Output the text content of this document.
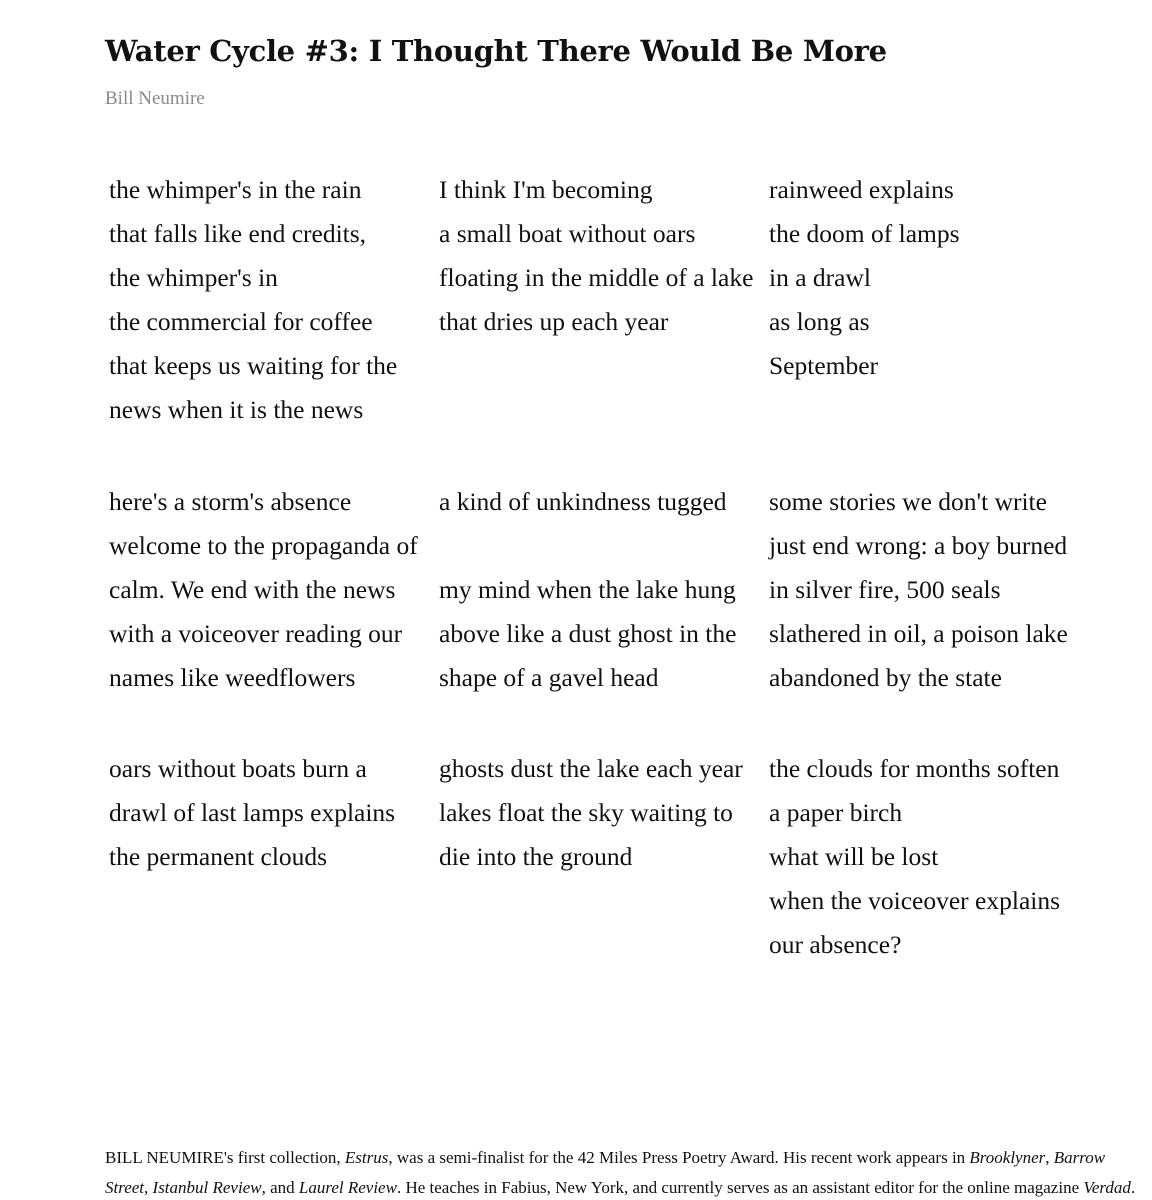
Water Cycle #3: I Thought There Would Be More
Bill Neumire
the whimper's in the rain
that falls like end credits,
the whimper's in
the commercial for coffee
that keeps us waiting for the
news when it is the news
I think I'm becoming
a small boat without oars
floating in the middle of a lake
that dries up each year
rainweed explains
the doom of lamps
in a drawl
as long as
September
here's a storm's absence
welcome to the propaganda of
calm. We end with the news
with a voiceover reading our
names like weedflowers
a kind of unkindness tugged
my mind when the lake hung
above like a dust ghost in the
shape of a gavel head
some stories we don't write
just end wrong: a boy burned
in silver fire, 500 seals
slathered in oil, a poison lake
abandoned by the state
oars without boats burn a
drawl of last lamps explains
the permanent clouds
ghosts dust the lake each year
lakes float the sky waiting to
die into the ground
the clouds for months soften
a paper birch
what will be lost
when the voiceover explains
our absence?

BILL NEUMIRE's first collection, Estrus, was a semi-finalist for the 42 Miles Press Poetry Award. His recent work appears in Brooklyner, Barrow Street, Istanbul Review, and Laurel Review. He teaches in Fabius, New York, and currently serves as an assistant editor for the online magazine Verdad.
